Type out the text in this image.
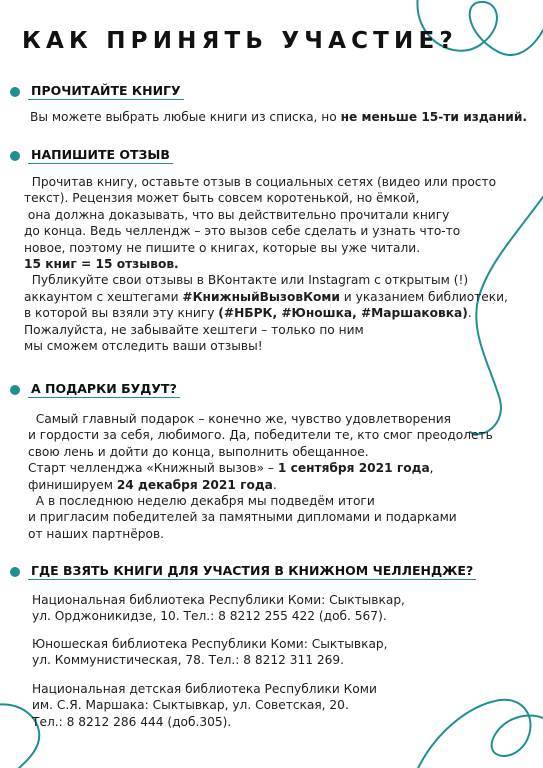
КАК ПРИНЯТЬ УЧАСТИЕ?
ПРОЧИТАЙТЕ КНИГУ
Вы можете выбрать любые книги из списка, но не меньше 15-ти изданий.
НАПИШИТЕ ОТЗЫВ
Прочитав книгу, оставьте отзыв в социальных сетях (видео или просто
текст). Рецензия может быть совсем коротенькой, но ёмкой,
она должна доказывать, что вы действительно прочитали книгу
до конца. Ведь челлендж – это вызов себе сделать и узнать что-то
новое, поэтому не пишите о книгах, которые вы уже читали.
15 книг = 15 отзывов.
Публикуйте свои отзывы в ВКонтакте или Instagram с открытым (!)
аккаунтом с хештегами #КнижныйВызовКоми и указанием библиотеки,
в которой вы взяли эту книгу (#НБРК, #Юношка, #Маршаковка).
Пожалуйста, не забывайте хештеги – только по ним
мы сможем отследить ваши отзывы!
А ПОДАРКИ БУДУТ?
Самый главный подарок – конечно же, чувство удовлетворения
и гордости за себя, любимого. Да, победители те, кто смог преодолеть
свою лень и дойти до конца, выполнить обещанное.
Старт челленджа «Книжный вызов» – 1 сентября 2021 года,
финишируем 24 декабря 2021 года.
А в последнюю неделю декабря мы подведём итоги
и пригласим победителей за памятными дипломами и подарками
от наших партнёров.
ГДЕ ВЗЯТЬ КНИГИ ДЛЯ УЧАСТИЯ В КНИЖНОМ ЧЕЛЛЕНДЖЕ?
Национальная библиотека Республики Коми: Сыктывкар,
ул. Орджоникидзе, 10. Тел.: 8 8212 255 422 (доб. 567).
Юношеская библиотека Республики Коми: Сыктывкар,
ул. Коммунистическая, 78. Тел.: 8 8212 311 269.
Национальная детская библиотека Республики Коми
им. С.Я. Маршака: Сыктывкар, ул. Советская, 20.
Тел.: 8 8212 286 444 (доб.305).
